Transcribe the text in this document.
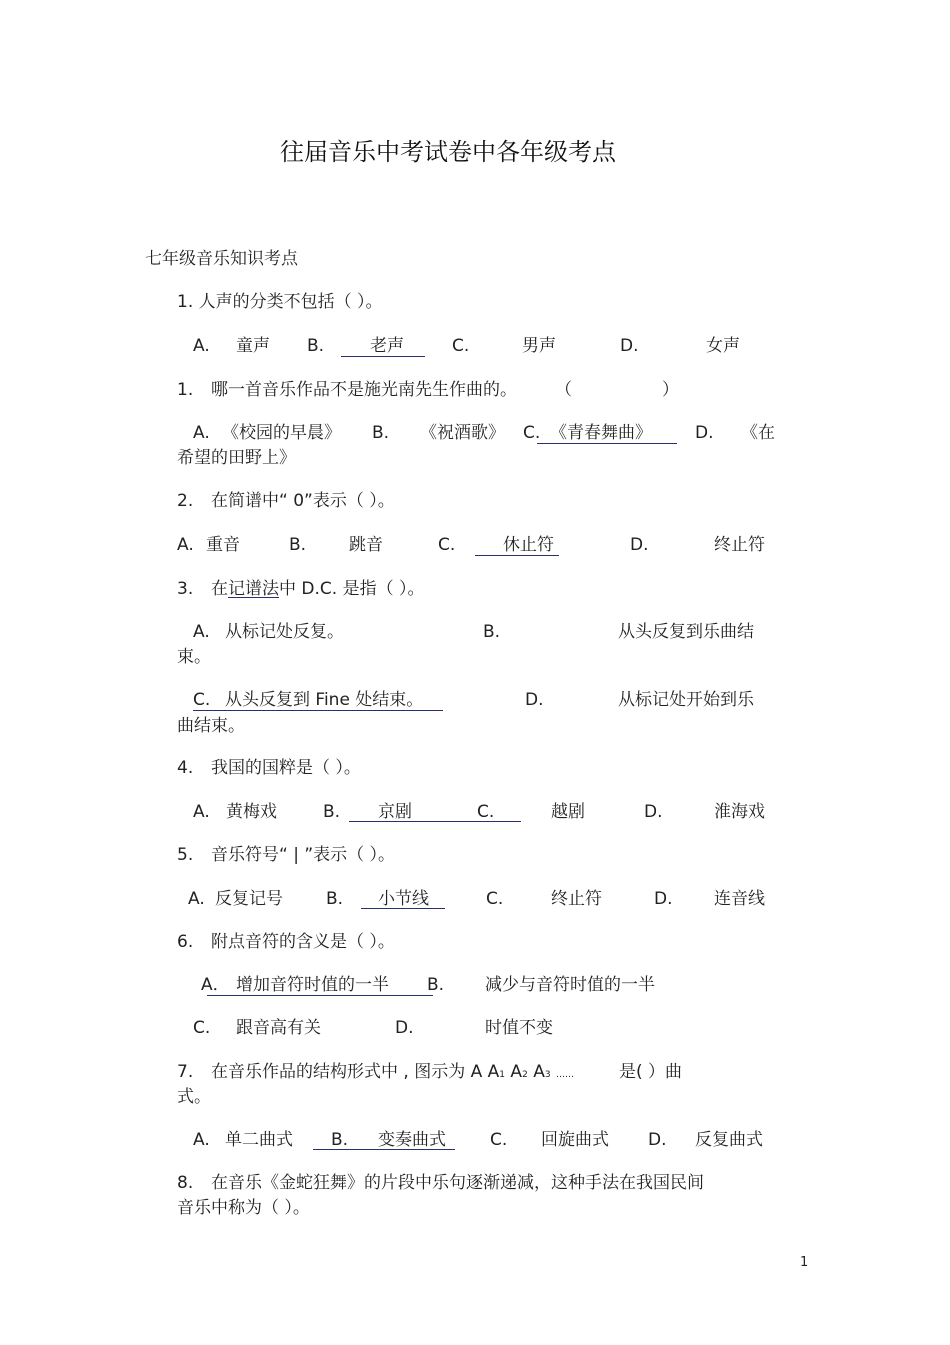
往届音乐中考试卷中各年级考点
七年级音乐知识考点
1. 人声的分类不包括（ ）。
A. 童声 B.	老声	C.	男声	D.	女声
1. 哪一首音乐作品不是施光南先生作曲的。 （	）
A. 《校园的早晨》 B. 《祝酒歌》 C. 《青春舞曲》	D. 《在
希望的田野上》
2. 在简谱中“ 0”表示（ ）。
A. 重音	B.	跳音	C.	休止符	D.	终止符
3. 在记谱法中 D.C. 是指（ ）。
A. 从标记处反复。	B.	从头反复到乐曲结
束。
C. 从头反复到 Fine 处结束。	D.	从标记处开始到乐
曲结束。
4. 我国的国粹是（ ）。
A. 黄梅戏	B. 京剧	C.	越剧	D.	淮海戏
5. 音乐符号“ | ”表示（ ）。
A. 反复记号	B. 小节线	C.	终止符	D. 连音线
6. 附点音符的含义是（ ）。
A． 增加音符时值的一半 B. 减少与音符时值的一半
C. 跟音高有关	D.	时值不变
7. 在音乐作品的结构形式中 , 图示为 A A1 A2 A3 ……	是( ）曲
式。
A. 单二曲式 B. 变奏曲式	C. 回旋曲式 D. 反复曲式
8. 在音乐《金蛇狂舞》的片段中乐句逐渐递减，这种手法在我国民间
音乐中称为（ ）。
1
